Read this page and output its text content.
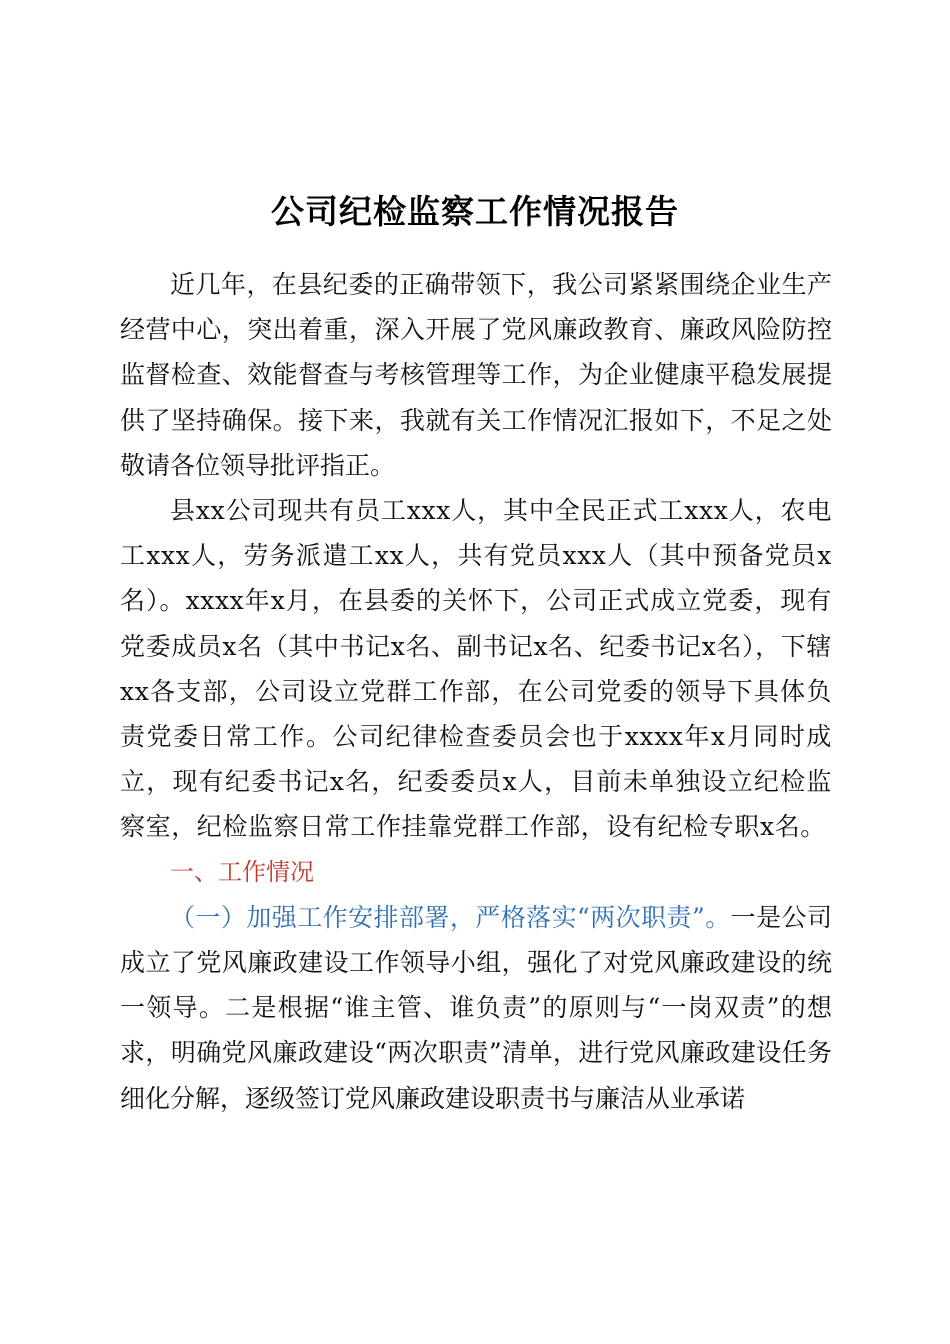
公司纪检监察工作情况报告

近几年，在县纪委的正确带领下，我公司紧紧围绕企业生产经营中心，突出着重，深入开展了党风廉政教育、廉政风险防控监督检查、效能督查与考核管理等工作，为企业健康平稳发展提供了坚持确保。接下来，我就有关工作情况汇报如下，不足之处敬请各位领导批评指正。

县xx公司现共有员工xxx人，其中全民正式工xxx人，农电工xxx人，劳务派遣工xx人，共有党员xxx人（其中预备党员x名）。xxxx年x月，在县委的关怀下，公司正式成立党委，现有党委成员x名（其中书记x名、副书记x名、纪委书记x名），下辖xx各支部，公司设立党群工作部，在公司党委的领导下具体负责党委日常工作。公司纪律检查委员会也于xxxx年x月同时成立，现有纪委书记x名，纪委委员x人，目前未单独设立纪检监察室，纪检监察日常工作挂靠党群工作部，设有纪检专职x名。

一、工作情况

（一）加强工作安排部署，严格落实“两次职责”。一是公司成立了党风廉政建设工作领导小组，强化了对党风廉政建设的统一领导。二是根据“谁主管、谁负责”的原则与“一岗双责”的想求，明确党风廉政建设“两次职责”清单，进行党风廉政建设任务细化分解，逐级签订党风廉政建设职责书与廉洁从业承诺
